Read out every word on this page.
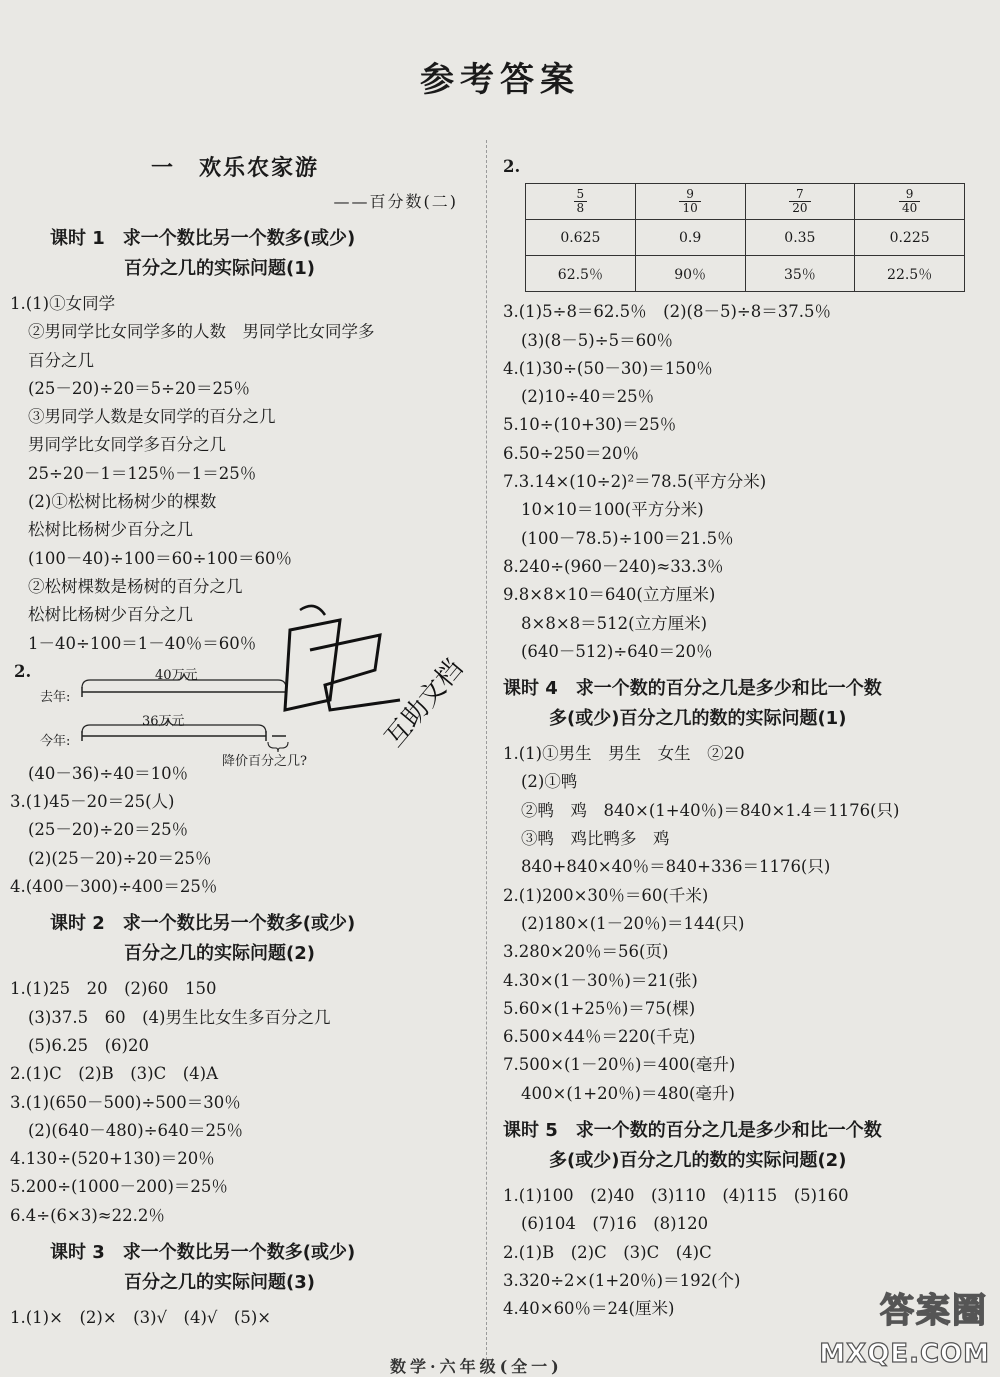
参考答案
一　欢乐农家游
——百分数(二)
课时 1　求一个数比另一个数多(或少)
百分之几的实际问题(1)
1.(1)①女同学
②男同学比女同学多的人数　男同学比女同学多
百分之几
(25－20)÷20＝5÷20＝25％
③男同学人数是女同学的百分之几
男同学比女同学多百分之几
25÷20－1＝125％－1＝25％
(2)①松树比杨树少的棵数
松树比杨树少百分之几
(100－40)÷100＝60÷100＝60％
②松树棵数是杨树的百分之几
松树比杨树少百分之几
1－40÷100＝1－40％＝60％
2.	40万元
去年:
36万元
今年:
降价百分之几?
(40－36)÷40＝10％
3.(1)45－20＝25(人)
(25－20)÷20＝25％
(2)(25－20)÷20＝25％
4.(400－300)÷400＝25％
课时 2　求一个数比另一个数多(或少)
百分之几的实际问题(2)
1.(1)25　20　(2)60　150
(3)37.5　60　(4)男生比女生多百分之几
(5)6.25　(6)20
2.(1)C　(2)B　(3)C　(4)A
3.(1)(650－500)÷500＝30％
(2)(640－480)÷640＝25％
4.130÷(520+130)＝20％
5.200÷(1000－200)＝25％
6.4÷(6×3)≈22.2％
课时 3　求一个数比另一个数多(或少)
百分之几的实际问题(3)
1.(1)×　(2)×　(3)√　(4)√　(5)×
2.
$\frac{5}{8}$	$\frac{9}{10}$	$\frac{7}{20}$	$\frac{9}{40}$

0.625	0.9	0.35	0.225
62.5％	90％	35％	22.5％
3.(1)5÷8＝62.5％　(2)(8－5)÷8＝37.5％
(3)(8－5)÷5＝60％
4.(1)30÷(50－30)＝150％
(2)10÷40＝25％
5.10÷(10+30)＝25％
6.50÷250＝20％
7.3.14×(10÷2)²＝78.5(平方分米)
10×10＝100(平方分米)
(100－78.5)÷100＝21.5％
8.240÷(960－240)≈33.3％
9.8×8×10＝640(立方厘米)
8×8×8＝512(立方厘米)
(640－512)÷640＝20％
课时 4　求一个数的百分之几是多少和比一个数
多(或少)百分之几的数的实际问题(1)
1.(1)①男生　男生　女生　②20
(2)①鸭
②鸭　鸡　840×(1+40％)＝840×1.4＝1176(只)
③鸭　鸡比鸭多　鸡
840+840×40％＝840+336＝1176(只)
2.(1)200×30％＝60(千米)
(2)180×(1－20％)＝144(只)
3.280×20％＝56(页)
4.30×(1－30％)＝21(张)
5.60×(1+25％)＝75(棵)
6.500×44％＝220(千克)
7.500×(1－20％)＝400(毫升)
400×(1+20％)＝480(毫升)
课时 5　求一个数的百分之几是多少和比一个数
多(或少)百分之几的数的实际问题(2)
1.(1)100　(2)40　(3)110　(4)115　(5)160
(6)104　(7)16　(8)120
2.(1)B　(2)C　(3)C　(4)C
3.320÷2×(1+20％)＝192(个)
4.40×60％＝24(厘米)
互助文档
数学·六年级(全一)
答案圈
MXQE.COM
